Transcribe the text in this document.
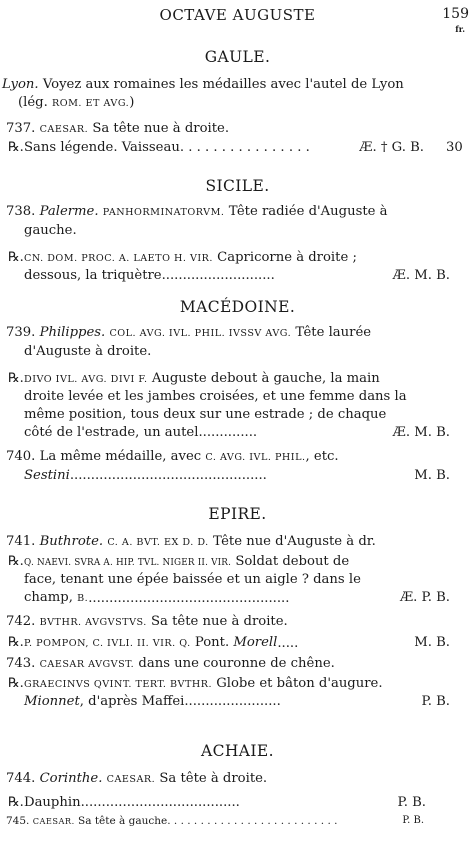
OCTAVE AUGUSTE	159
fr.
GAULE.
Lyon. Voyez aux romaines les médailles avec l'autel de Lyon
(lég. ROM. ET AVG.)
737. CAESAR. Sa tête nue à droite.
℞. Sans légende. Vaisseau. . . . . . . . . . . . . . . .	Æ. † G. B. 30
SICILE.
738. Palerme. PANHORMINATORVM. Tête radiée d'Auguste à
gauche.
℞. CN. DOM. PROC. A. LAETO H. VIR. Capricorne à droite ;
dessous, la triquètre...........................	Æ. M. B.
MACÉDOINE.
739. Philippes. COL. AVG. IVL. PHIL. IVSSV AVG. Tête laurée
d'Auguste à droite.
℞. DIVO IVL. AVG. DIVI F. Auguste debout à gauche, la main
droite levée et les jambes croisées, et une femme dans la
même position, tous deux sur une estrade ; de chaque
côté de l'estrade, un autel..............	Æ. M. B.
740. La même médaille, avec C. AVG. IVL. PHIL., etc.
Sestini...............................................	M. B.
EPIRE.
741. Buthrote. C. A. BVT. EX D. D. Tête nue d'Auguste à dr.
℞. Q. NAEVI. SVRA A. HIP. TVL. NIGER II. VIR. Soldat debout de
face, tenant une épée baissée et un aigle ? dans le
champ, B.................................................	Æ. P. B.
742. BVTHR. AVGVSTVS. Sa tête nue à droite.
℞. P. POMPON, C. IVLI. II. VIR. Q. Pont. Morell.....	M. B.
743. CAESAR AVGVST. dans une couronne de chêne.
℞. GRAECINVS QVINT. TERT. BVTHR. Globe et bâton d'augure.
Mionnet, d'après Maffei.......................	P. B.
ACHAIE.
744. Corinthe. CAESAR. Sa tête à droite.
℞. Dauphin......................................	P. B.
745. CAESAR. Sa tête à gauche. . . . . . . . . . . . . . . . . . . . . . . . . .	P. B.
